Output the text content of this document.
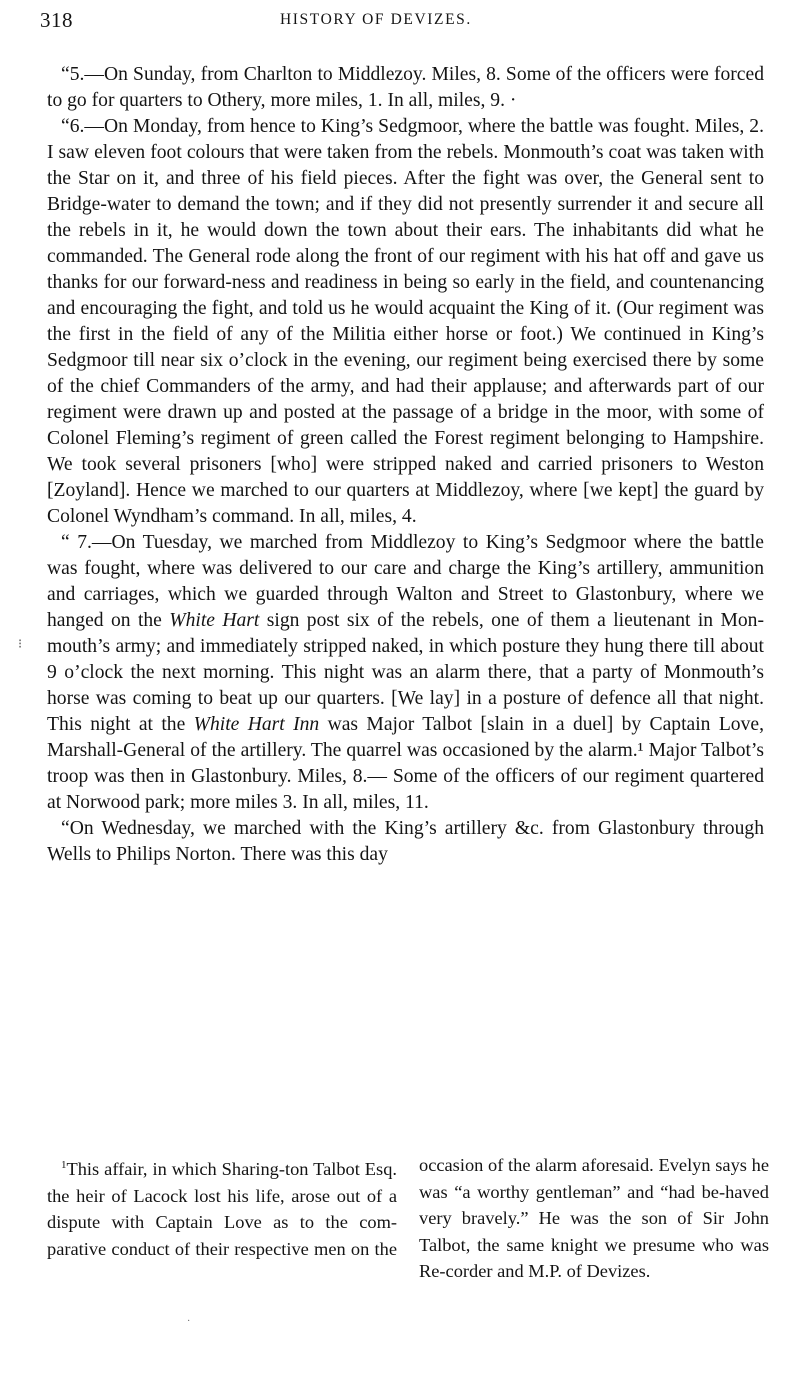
318	HISTORY OF DEVIZES.

“5.—On Sunday, from Charlton to Middlezoy. Miles, 8. Some of the officers were forced to go for quarters to Othery, more miles, 1. In all, miles, 9. ·

“6.—On Monday, from hence to King’s Sedgmoor, where the battle was fought. Miles, 2. I saw eleven foot colours that were taken from the rebels. Monmouth’s coat was taken with the Star on it, and three of his field pieces. After the fight was over, the General sent to Bridge-water to demand the town; and if they did not presently surrender it and secure all the rebels in it, he would down the town about their ears. The inhabitants did what he commanded. The General rode along the front of our regiment with his hat off and gave us thanks for our forward-ness and readiness in being so early in the field, and countenancing and encouraging the fight, and told us he would acquaint the King of it. (Our regiment was the first in the field of any of the Militia either horse or foot.) We continued in King’s Sedgmoor till near six o’clock in the evening, our regiment being exercised there by some of the chief Commanders of the army, and had their applause; and afterwards part of our regiment were drawn up and posted at the passage of a bridge in the moor, with some of Colonel Fleming’s regiment of green called the Forest regiment belonging to Hampshire. We took several prisoners [who] were stripped naked and carried prisoners to Weston [Zoyland]. Hence we marched to our quarters at Middlezoy, where [we kept] the guard by Colonel Wyndham’s command. In all, miles, 4.

“ 7.—On Tuesday, we marched from Middlezoy to King’s Sedgmoor where the battle was fought, where was delivered to our care and charge the King’s artillery, ammunition and carriages, which we guarded through Walton and Street to Glastonbury, where we hanged on the White Hart sign post six of the rebels, one of them a lieutenant in Mon-mouth’s army; and immediately stripped naked, in which posture they hung there till about 9 o’clock the next morning. This night was an alarm there, that a party of Monmouth’s horse was coming to beat up our quarters. [We lay] in a posture of defence all that night. This night at the White Hart Inn was Major Talbot [slain in a duel] by Captain Love, Marshall-General of the artillery. The quarrel was occasioned by the alarm.¹ Major Talbot’s troop was then in Glastonbury. Miles, 8.— Some of the officers of our regiment quartered at Norwood park; more miles 3. In all, miles, 11.

“On Wednesday, we marched with the King’s artillery &c. from Glastonbury through Wells to Philips Norton. There was this day

⁝

$^1$This affair, in which Sharing-ton Talbot Esq. the heir of Lacock lost his life, arose out of a dispute with Captain Love as to the com-parative conduct of their respective men on the occasion of the alarm aforesaid. Evelyn says he was “a worthy gentleman” and “had be-haved very bravely.” He was the son of Sir John Talbot, the same knight we presume who was Re-corder and M.P. of Devizes.

·
